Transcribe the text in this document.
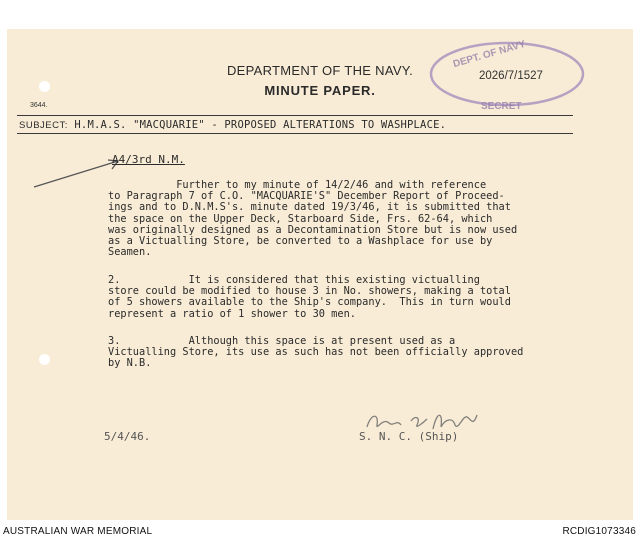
DEPARTMENT OF THE NAVY.
MINUTE PAPER.
3644.
SUBJECT: H.M.A.S. "MACQUARIE" - PROPOSED ALTERATIONS TO WASHPLACE.
DEPT. OF NAVY
2026/7/1527
SECRET
A4/3rd N.M.
Further to my minute of 14/2/46 and with reference
to Paragraph 7 of C.O. "MACQUARIE'S" December Report of Proceed-
ings and to D.N.M.S's. minute dated 19/3/46, it is submitted that
the space on the Upper Deck, Starboard Side, Frs. 62-64, which
was originally designed as a Decontamination Store but is now used
as a Victualling Store, be converted to a Washplace for use by
Seamen.
2.           It is considered that this existing victualling
store could be modified to house 3 in No. showers, making a total
of 5 showers available to the Ship's company.  This in turn would
represent a ratio of 1 shower to 30 men.
3.           Although this space is at present used as a
Victualling Store, its use as such has not been officially approved
by N.B.
5/4/46.	S. N. C. (Ship)
AUSTRALIAN WAR MEMORIAL	RCDIG1073346
